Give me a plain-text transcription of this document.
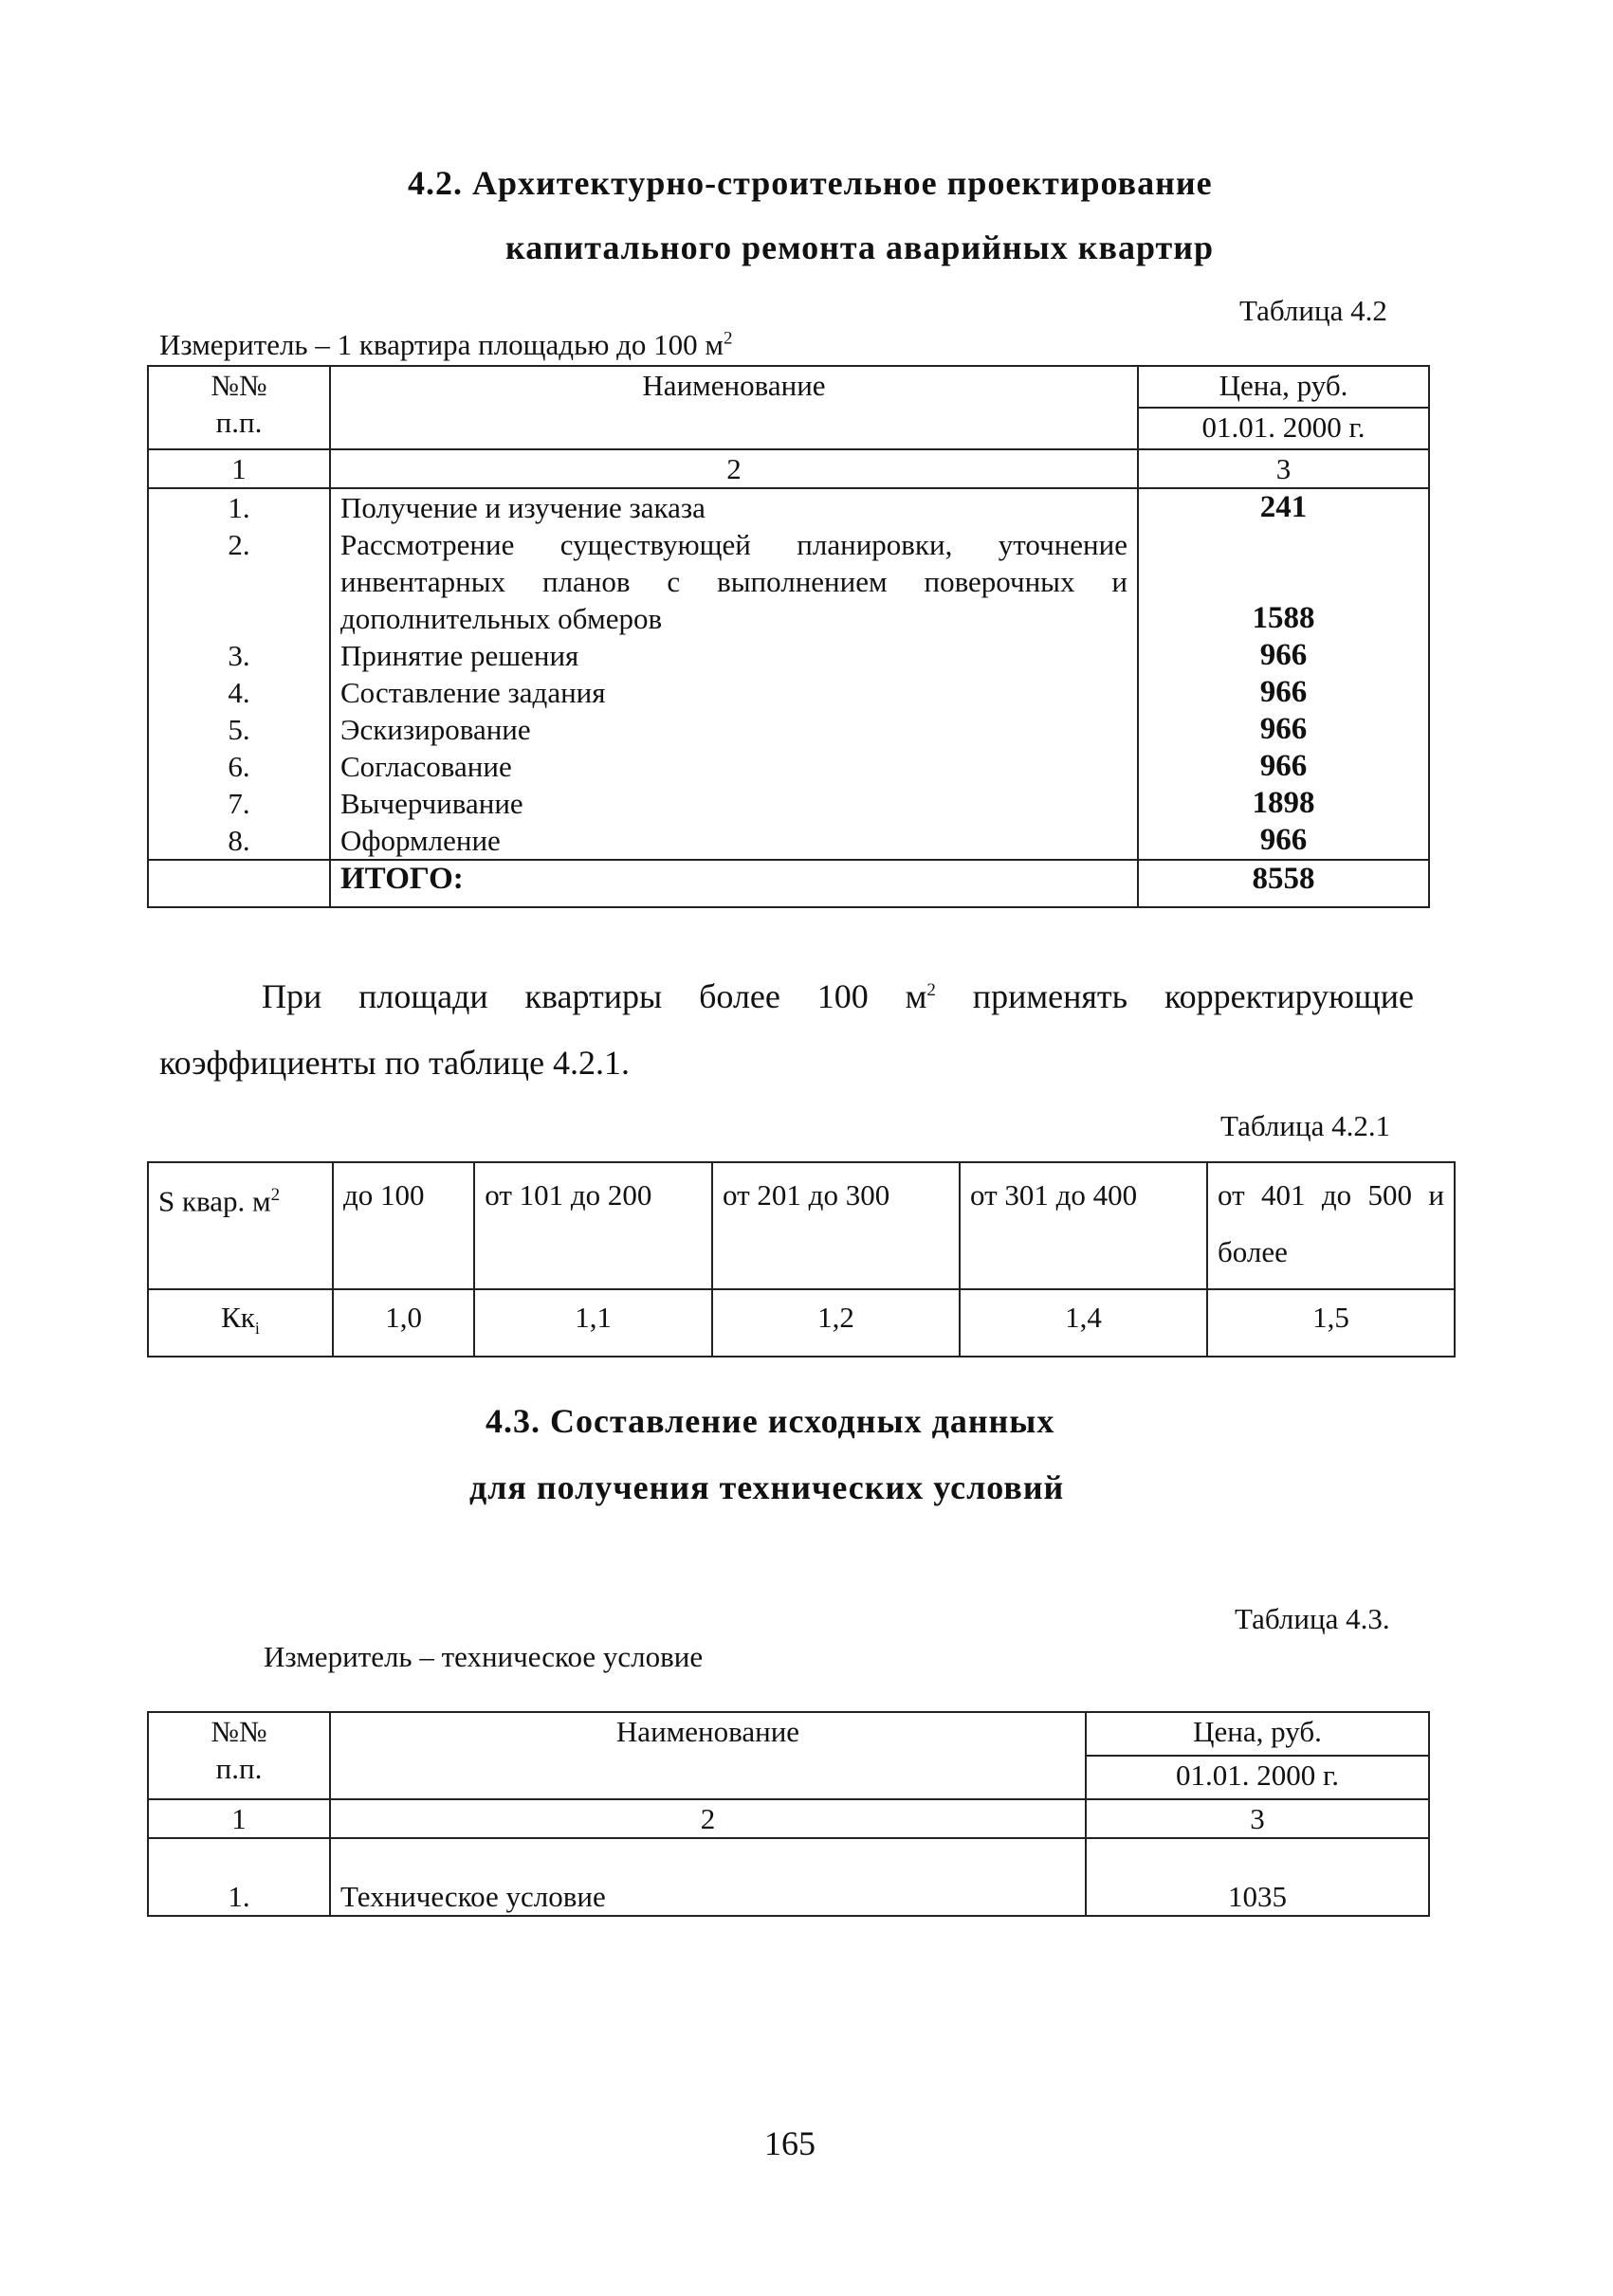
4.2. Архитектурно-строительное проектирование
капитального ремонта аварийных квартир
Таблица 4.2
Измеритель – 1 квартира площадью до 100 $м^2$
№№
п.п.	Наименование	Цена, руб.
		01.01. 2000 г.
1	2	3
1.	Получение и изучение заказа	241
2.	Рассмотрение существующей планировки, уточнение инвентарных планов с выполнением поверочных и дополнительных обмеров	1588
3.	Принятие решения	966
4.	Составление задания	966
5.	Эскизирование	966
6.	Согласование	966
7.	Вычерчивание	1898
8.	Оформление	966
	ИТОГО:	8558
При площади квартиры более 100 $м^2$ применять корректирующие
коэффициенты по таблице 4.2.1.
Таблица 4.2.1
S квар. $м^2$	до 100	от 101 до 200	от 201 до 300	от 301 до 400	от 401 до 500 и более
$Кк_i$	1,0	1,1	1,2	1,4	1,5
4.3. Составление исходных данных
для получения технических условий
Таблица 4.3.
Измеритель – техническое условие
№№
п.п.	Наименование	Цена, руб.
		01.01. 2000 г.
1	2	3
1.	Техническое условие	1035
165
